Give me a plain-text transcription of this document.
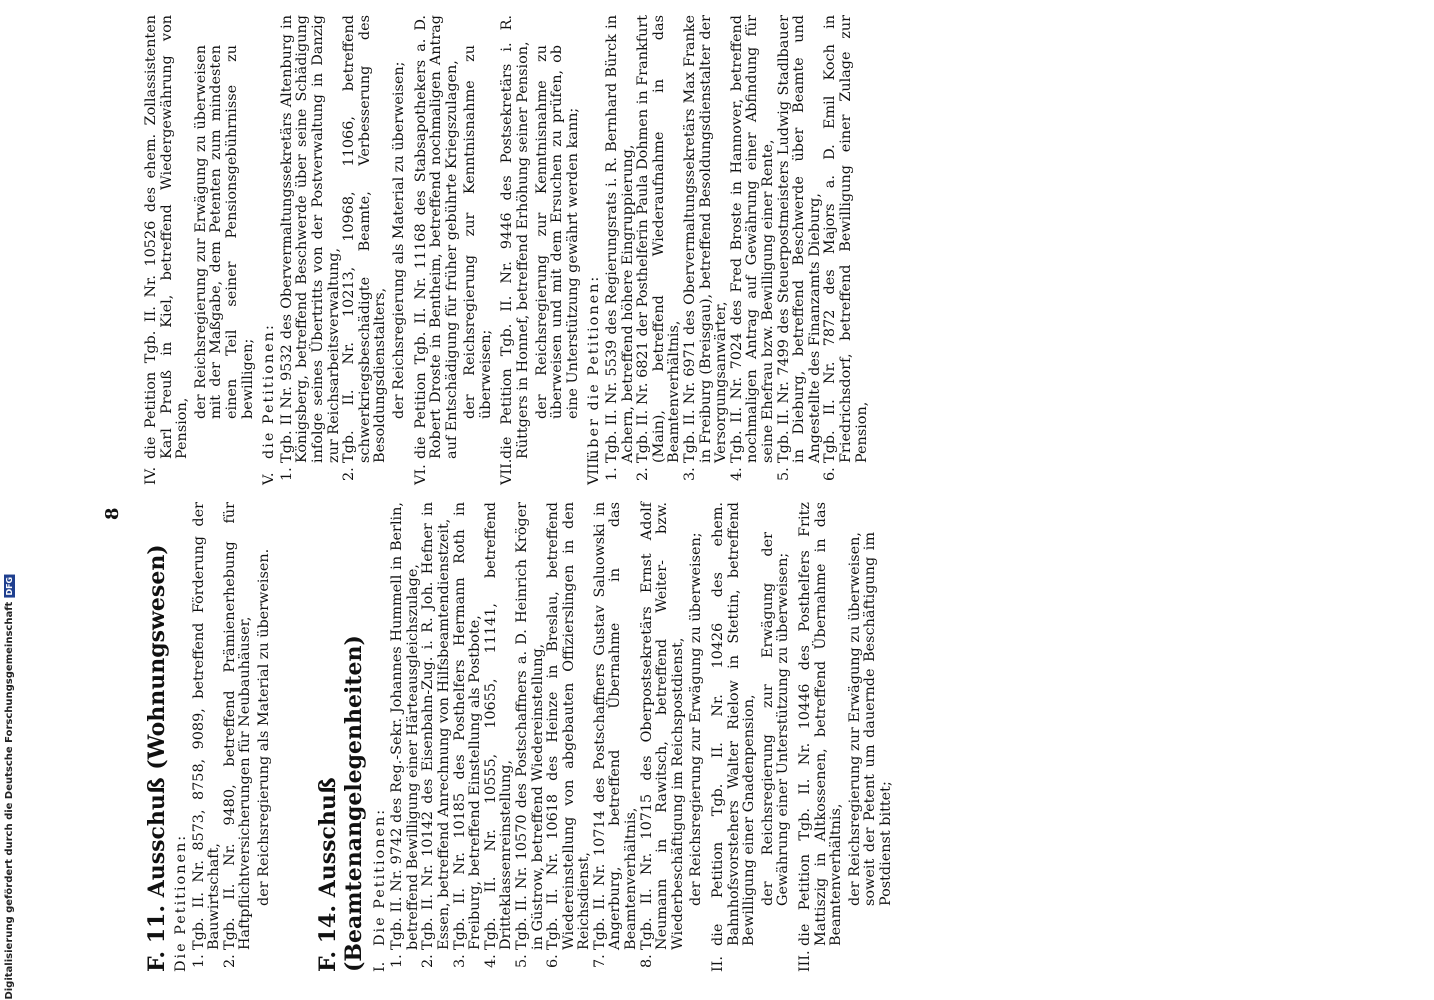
Digitalisierung gefördert durch die Deutsche Forschungsgemeinschaft
DFG
8
F. 11. Ausschuß (Wohnungswesen) Die Petitionen: 1.
Tgb. II. Nr. 8573, 8758, 9089, betreffend Förderung der Bauwirtschaft,
2.
Tgb. II. Nr. 9480, betreffend Prämienerhebung für Haftpflichtversicherungen für Neubauhäuser, der Reichsregierung als Material zu überweisen. F. 14. Ausschuß (Beamtenangelegenheiten) I.
Die Petitionen:
1.
Tgb. II. Nr. 9742 des Reg.-Sekr. Johannes Hummell in Berlin, betreffend Bewilligung einer Härteausgleichszulage,
2.
Tgb. II. Nr. 10142 des Eisenbahn-Zug. i. R. Joh. Hefner in Essen, betreffend Anrechnung von Hilfsbeamtendienstzeit,
3.
Tgb. II. Nr. 10185 des Posthelfers Hermann Roth in Freiburg, betreffend Einstellung als Postbote,
4.
Tgb. II. Nr. 10555, 10655, 11141, betreffend Dritteklassenreinstellung,
5.
Tgb. II. Nr. 10570 des Postschaffners a. D. Heinrich Kröger in Güstrow, betreffend Wiedereinstellung,
6.
Tgb. II. Nr. 10618 des Heinze in Breslau, betreffend Wiedereinstellung von abgebauten Offizierslingen in den Reichsdienst,
7.
Tgb. II. Nr. 10714 des Postschaffners Gustav Saluowski in Angerburg, betreffend Übernahme in das Beamtenverhältnis,
8.
Tgb. II. Nr. 10715 des Oberpostsekretärs Ernst Adolf Neumann in Rawitsch, betreffend Weiter- bzw. Wiederbeschäftigung im Reichspostdienst, der Reichsregierung zur Erwägung zu überweisen;
II.
die Petition Tgb. II. Nr. 10426 des ehem. Bahnhofsvorstehers Walter Rielow in Stettin, betreffend Bewilligung einer Gnadenpension, der Reichsregierung zur Erwägung der Gewährung einer Unterstützung zu überweisen;
III.
die Petition Tgb. II. Nr. 10446 des Posthelfers Fritz Mattiszig in Altkossenen, betreffend Übernahme in das Beamtenverhältnis, der Reichsregierung zur Erwägung zu überweisen, soweit der Petent um dauernde Beschäftigung im Postdienst bittet;
IV.
die Petition Tgb. II. Nr. 10526 des ehem. Zollassistenten Karl Preuß in Kiel, betreffend Wiedergewährung von Pension,
der Reichsregierung zur Erwägung zu überweisen mit der Maßgabe, dem Petenten zum mindesten einen Teil seiner Pensionsgebührnisse zu bewilligen;
V.
die Petitionen:
1.
Tgb. II Nr. 9532 des Obervermaltungssekretärs Altenburg in Königsberg, betreffend Beschwerde über seine Schädigung infolge seines Übertritts von der Postverwaltung in Danzig zur Reichsarbeitsverwaltung,
2.
Tgb. II. Nr. 10213, 10968, 11066, betreffend schwerkriegsbeschädigte Beamte, Verbesserung des Besoldungsdienstalters, der Reichsregierung als Material zu überweisen;
VI.
die Petition Tgb. II. Nr. 11168 des Stabsapothekers a. D. Robert Droste in Bentheim, betreffend nochmaligen Antrag auf Entschädigung für früher gebührte Kriegszulagen, der Reichsregierung zur Kenntnisnahme zu überweisen;
VII.
die Petition Tgb. II. Nr. 9446 des Postsekretärs i. R. Rüttgers in Honnef, betreffend Erhöhung seiner Pension, der Reichsregierung zur Kenntnisnahme zu überweisen und mit dem Ersuchen zu prüfen, ob eine Unterstützung gewährt werden kann;
VIII.
über die Petitionen:
1.
Tgb. II. Nr. 5539 des Regierungsrats i. R. Bernhard Bürck in Achern, betreffend höhere Eingruppierung,
2.
Tgb. II. Nr. 6821 der Posthelferin Paula Dohmen in Frankfurt (Main), betreffend Wiederaufnahme in das Beamtenverhältnis,
3.
Tgb. II. Nr. 6971 des Obervermaltungssekretärs Max Franke in Freiburg (Breisgau), betreffend Besoldungsdienstalter der Versorgungsanwärter,
4.
Tgb. II. Nr. 7024 des Fred Broste in Hannover, betreffend nochmaligen Antrag auf Gewährung einer Abfindung für seine Ehefrau bzw. Bewilligung einer Rente,
5.
Tgb. II. Nr. 7499 des Steuerpostmeisters Ludwig Stadlbauer in Dieburg, betreffend Beschwerde über Beamte und Angestellte des Finanzamts Dieburg,
6.
Tgb. II. Nr. 7872 des Majors a. D. Emil Koch in Friedrichsdorf, betreffend Bewilligung einer Zulage zur Pension,
